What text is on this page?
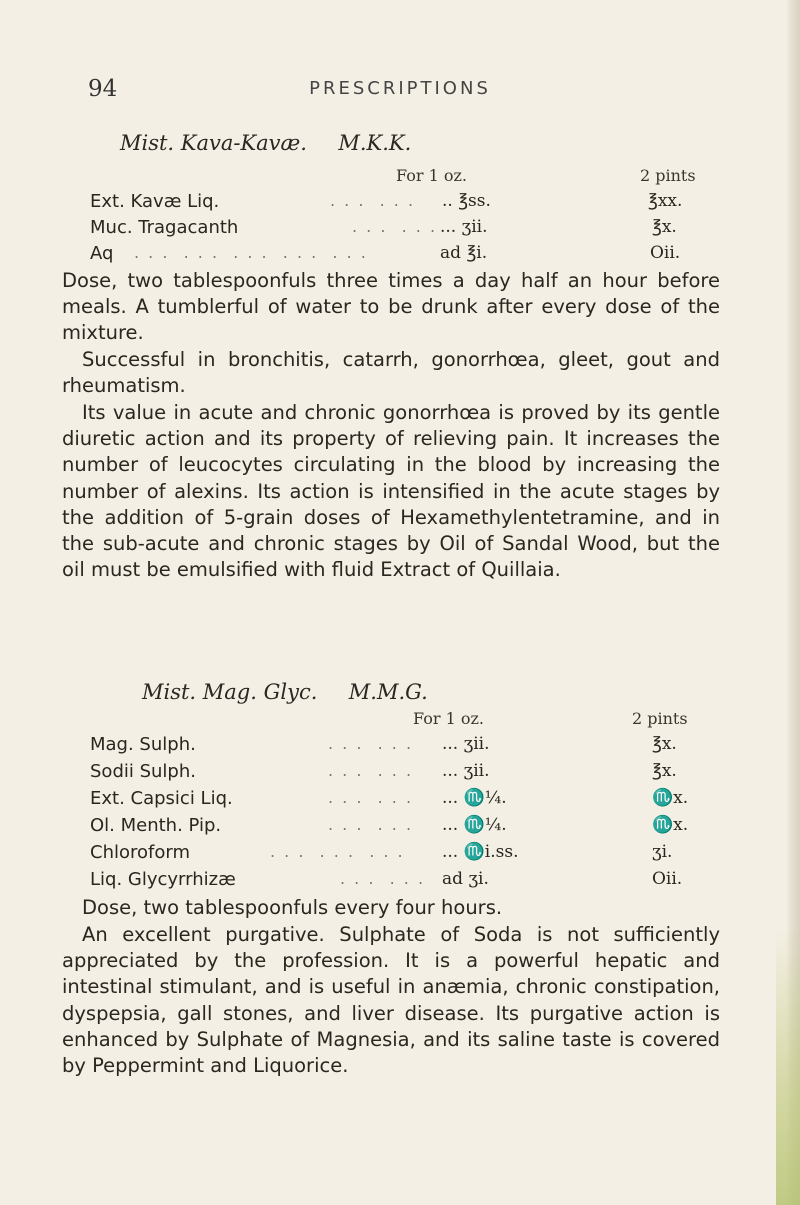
94	PRESCRIPTIONS
Mist. Kava-Kavæ. M.K.K.
For 1 oz.	2 pints
Ext. Kavæ Liq.	. . .  . . . .. ℥ss.	℥xx.
Muc. Tragacanth	. . .  . . . ... ʒii.	℥x.
Aq . . .  . . .  . . .  . . .  . . .	ad ℥i.	Oii.

Dose, two tablespoonfuls three times a day half an hour before meals. A tumblerful of water to be drunk after every dose of the mixture.

Successful in bronchitis, catarrh, gonorrhœa, gleet, gout and rheumatism.

Its value in acute and chronic gonorrhœa is proved by its gentle diuretic action and its property of relieving pain. It increases the number of leucocytes circulating in the blood by increasing the number of alexins. Its action is intensified in the acute stages by the addition of 5-grain doses of Hexamethylentetramine, and in the sub-acute and chronic stages by Oil of Sandal Wood, but the oil must be emulsified with fluid Extract of Quillaia.

Mist. Mag. Glyc. M.M.G.
For 1 oz.	2 pints
Mag. Sulph.	. . .  . . . ... ʒii.	℥x.
Sodii Sulph.	. . .  . . . ... ʒii.	℥x.
Ext. Capsici Liq.	. . .  . . . ... ♏¼.	♏x.
Ol. Menth. Pip.	. . .  . . . ... ♏¼.	♏x.
Chloroform	. . .  . . .  . . . ... ♏i.ss.	ʒi.
Liq. Glycyrrhizæ	. . .  . . . ad ʒi.	Oii.

Dose, two tablespoonfuls every four hours.

An excellent purgative. Sulphate of Soda is not sufficiently appreciated by the profession. It is a powerful hepatic and intestinal stimulant, and is useful in anæmia, chronic constipation, dyspepsia, gall stones, and liver disease. Its purgative action is enhanced by Sulphate of Magnesia, and its saline taste is covered by Peppermint and Liquorice.
